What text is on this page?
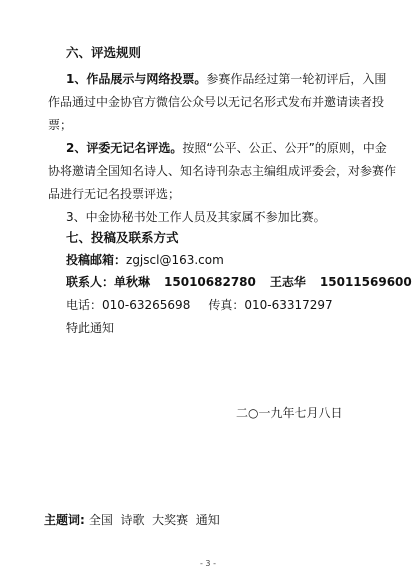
六、评选规则
1、作品展示与网络投票。参赛作品经过第一轮初评后，入围
作品通过中金协官方微信公众号以无记名形式发布并邀请读者投
票；
2、评委无记名评选。按照“公平、公正、公开”的原则，中金
协将邀请全国知名诗人、知名诗刊杂志主编组成评委会，对参赛作
品进行无记名投票评选；
3、中金协秘书处工作人员及其家属不参加比赛。
七、投稿及联系方式
投稿邮箱：zgjscl@163.com
联系人：单秋琳 15010682780 王志华 15011569600
电话：010-63265698 传真：010-63317297
特此通知
二○一九年七月八日
主题词: 全国  诗歌  大奖赛  通知
- 3 -
